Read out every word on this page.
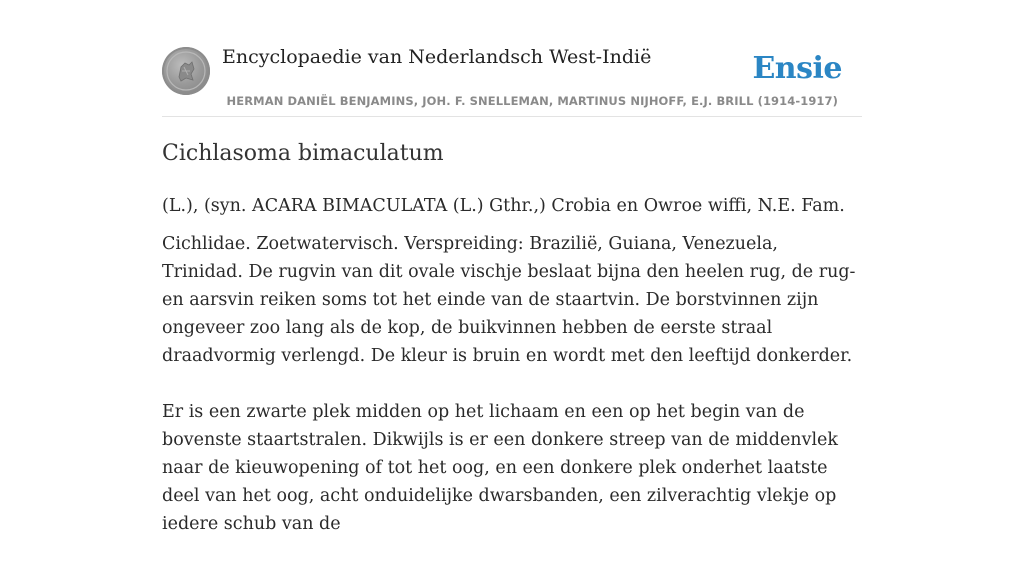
Encyclopaedie van Nederlandsch West-Indië	Ensie
HERMAN DANIËL BENJAMINS, JOH. F. SNELLEMAN, MARTINUS NIJHOFF, E.J. BRILL (1914-1917)
Cichlasoma bimaculatum

(L.), (syn. ACARA BIMACULATA (L.) Gthr.,) Crobia en Owroe wiffi, N.E. Fam.

Cichlidae. Zoetwatervisch. Verspreiding: Brazilië, Guiana, Venezuela, Trinidad. De rugvin van dit ovale vischje beslaat bijna den heelen rug, de rug- en aarsvin reiken soms tot het einde van de staartvin. De borstvinnen zijn ongeveer zoo lang als de kop, de buikvinnen hebben de eerste straal draadvormig verlengd. De kleur is bruin en wordt met den leeftijd donkerder.

Er is een zwarte plek midden op het lichaam en een op het begin van de bovenste staartstralen. Dikwijls is er een donkere streep van de middenvlek naar de kieuwopening of tot het oog, en een donkere plek onderhet laatste deel van het oog, acht onduidelijke dwarsbanden, een zilverachtig vlekje op iedere schub van de
